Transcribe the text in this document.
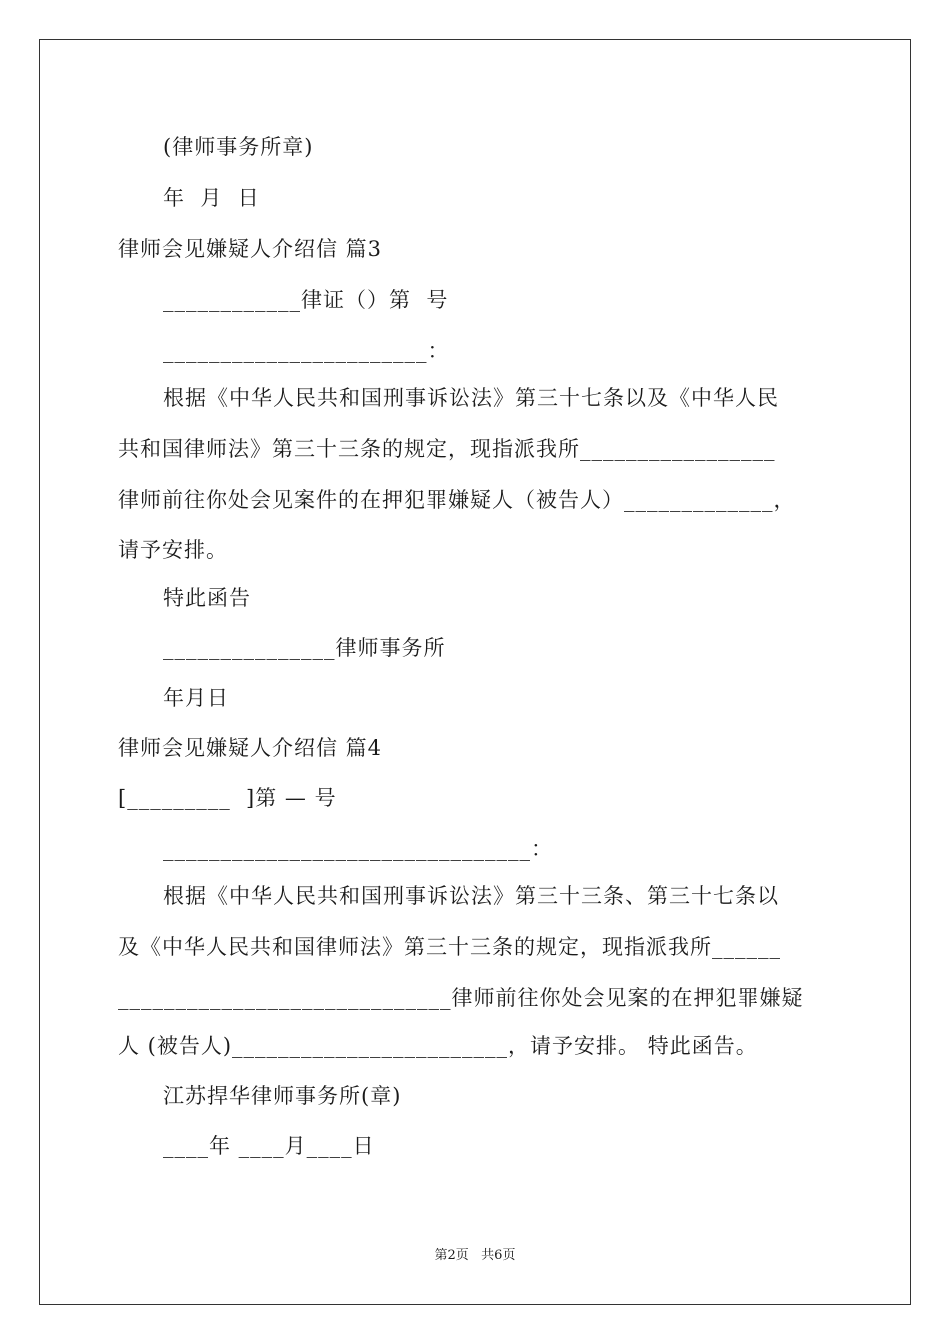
(律师事务所章)
年  月  日
律师会见嫌疑人介绍信 篇3
____________律证（）第  号
_______________________：
根据《中华人民共和国刑事诉讼法》第三十七条以及《中华人民
共和国律师法》第三十三条的规定，现指派我所_________________
律师前往你处会见案件的在押犯罪嫌疑人（被告人）_____________，
请予安排。
特此函告
_______________律师事务所
年月日
律师会见嫌疑人介绍信 篇4
[_________  ]第 — 号
________________________________：
根据《中华人民共和国刑事诉讼法》第三十三条、第三十七条以
及《中华人民共和国律师法》第三十三条的规定，现指派我所______
_____________________________律师前往你处会见案的在押犯罪嫌疑
人 (被告人)________________________，请予安排。 特此函告。
江苏捍华律师事务所(章)
____年 ____月____日
第2页   共6页
